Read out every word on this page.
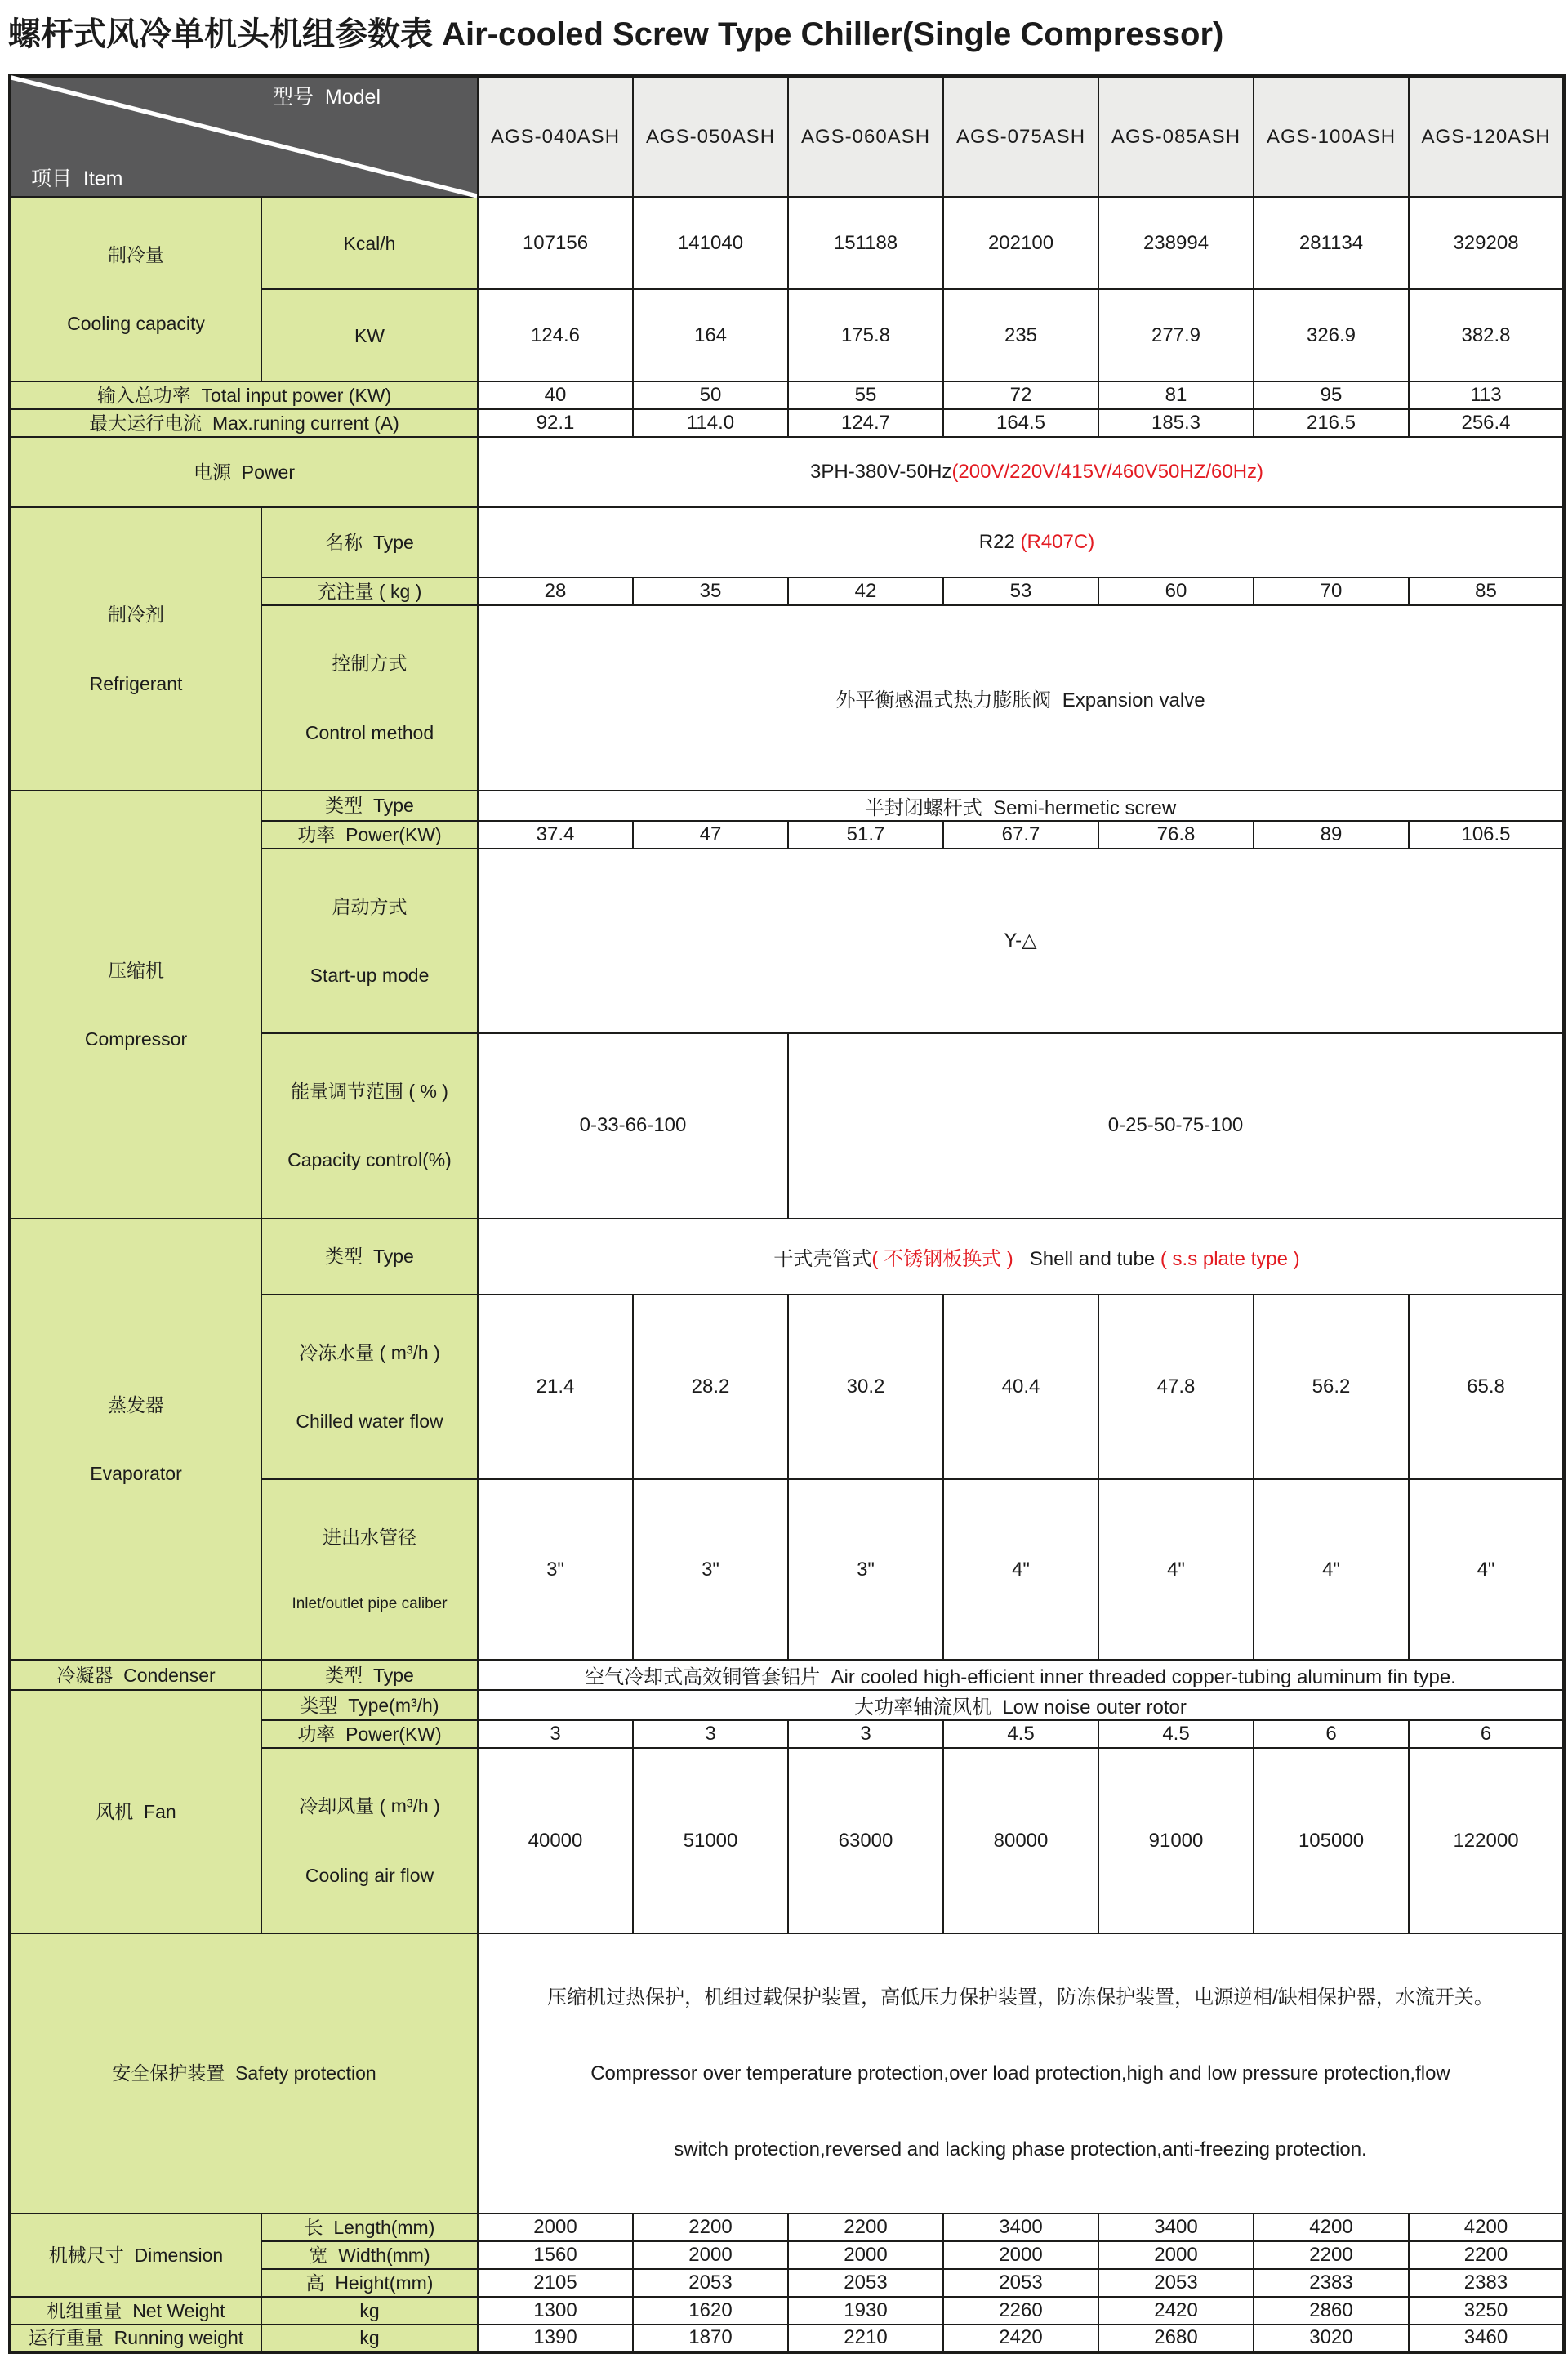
螺杆式风冷单机头机组参数表 Air-cooled Screw Type Chiller(Single Compressor)

型号  Model

项目  Item		AGS-040ASH	AGS-050ASH	AGS-060ASH	AGS-075ASH	AGS-085ASH	AGS-100ASH	AGS-120ASH

制冷量

Cooling capacity	Kcal/h	107156	141040	151188	202100	238994	281134	329208
	KW	124.6	164	175.8	235	277.9	326.9	382.8
输入总功率  Total input power (KW)		40	50	55	72	81	95	113
最大运行电流  Max.runing current (A)		92.1	114.0	124.7	164.5	185.3	216.5	256.4
电源  Power		3PH-380V-50Hz(200V/220V/415V/460V50HZ/60Hz)						

制冷剂

Refrigerant	名称  Type	R22 (R407C)						

	充注量 ( kg )	28	35	42	53	60	70	85

	控制方式

Control method	外平衡感温式热力膨胀阀  Expansion valve						

压缩机

Compressor	类型  Type	半封闭螺杆式  Semi-hermetic screw						
	功率  Power(KW)	37.4	47	51.7	67.7	76.8	89	106.5

	启动方式

Start-up mode	Y-△						

	能量调节范围 ( % )

Capacity control(%)	0-33-66-100		0-25-50-75-100				

蒸发器

Evaporator	类型  Type	干式壳管式( 不锈钢板换式 )   Shell and tube ( s.s plate type )						

	冷冻水量 ( m³/h )

Chilled water flow	21.4	28.2	30.2	40.4	47.8	56.2	65.8

	进出水管径

Inlet/outlet pipe caliber	3"	3"	3"	4"	4"	4"	4"
冷凝器  Condenser	类型  Type	空气冷却式高效铜管套铝片  Air cooled high-efficient inner threaded copper-tubing aluminum fin type.						
风机  Fan	类型  Type(m³/h)	大功率轴流风机  Low noise outer rotor						
	功率  Power(KW)	3	3	3	4.5	4.5	6	6

	冷却风量 ( m³/h )

Cooling air flow	40000	51000	63000	80000	91000	105000	122000
安全保护装置  Safety protection		压缩机过热保护，机组过载保护装置，高低压力保护装置，防冻保护装置，电源逆相/缺相保护器，水流开关。

Compressor over temperature protection,over load protection,high and low pressure protection,flow

switch protection,reversed and lacking phase protection,anti-freezing protection.						

机械尺寸  Dimension	长  Length(mm)	2000	2200	2200	3400	3400	4200	4200
	宽  Width(mm)	1560	2000	2000	2000	2000	2200	2200
	高  Height(mm)	2105	2053	2053	2053	2053	2383	2383
机组重量  Net Weight	kg	1300	1620	1930	2260	2420	2860	3250
运行重量  Running weight	kg	1390	1870	2210	2420	2680	3020	3460
